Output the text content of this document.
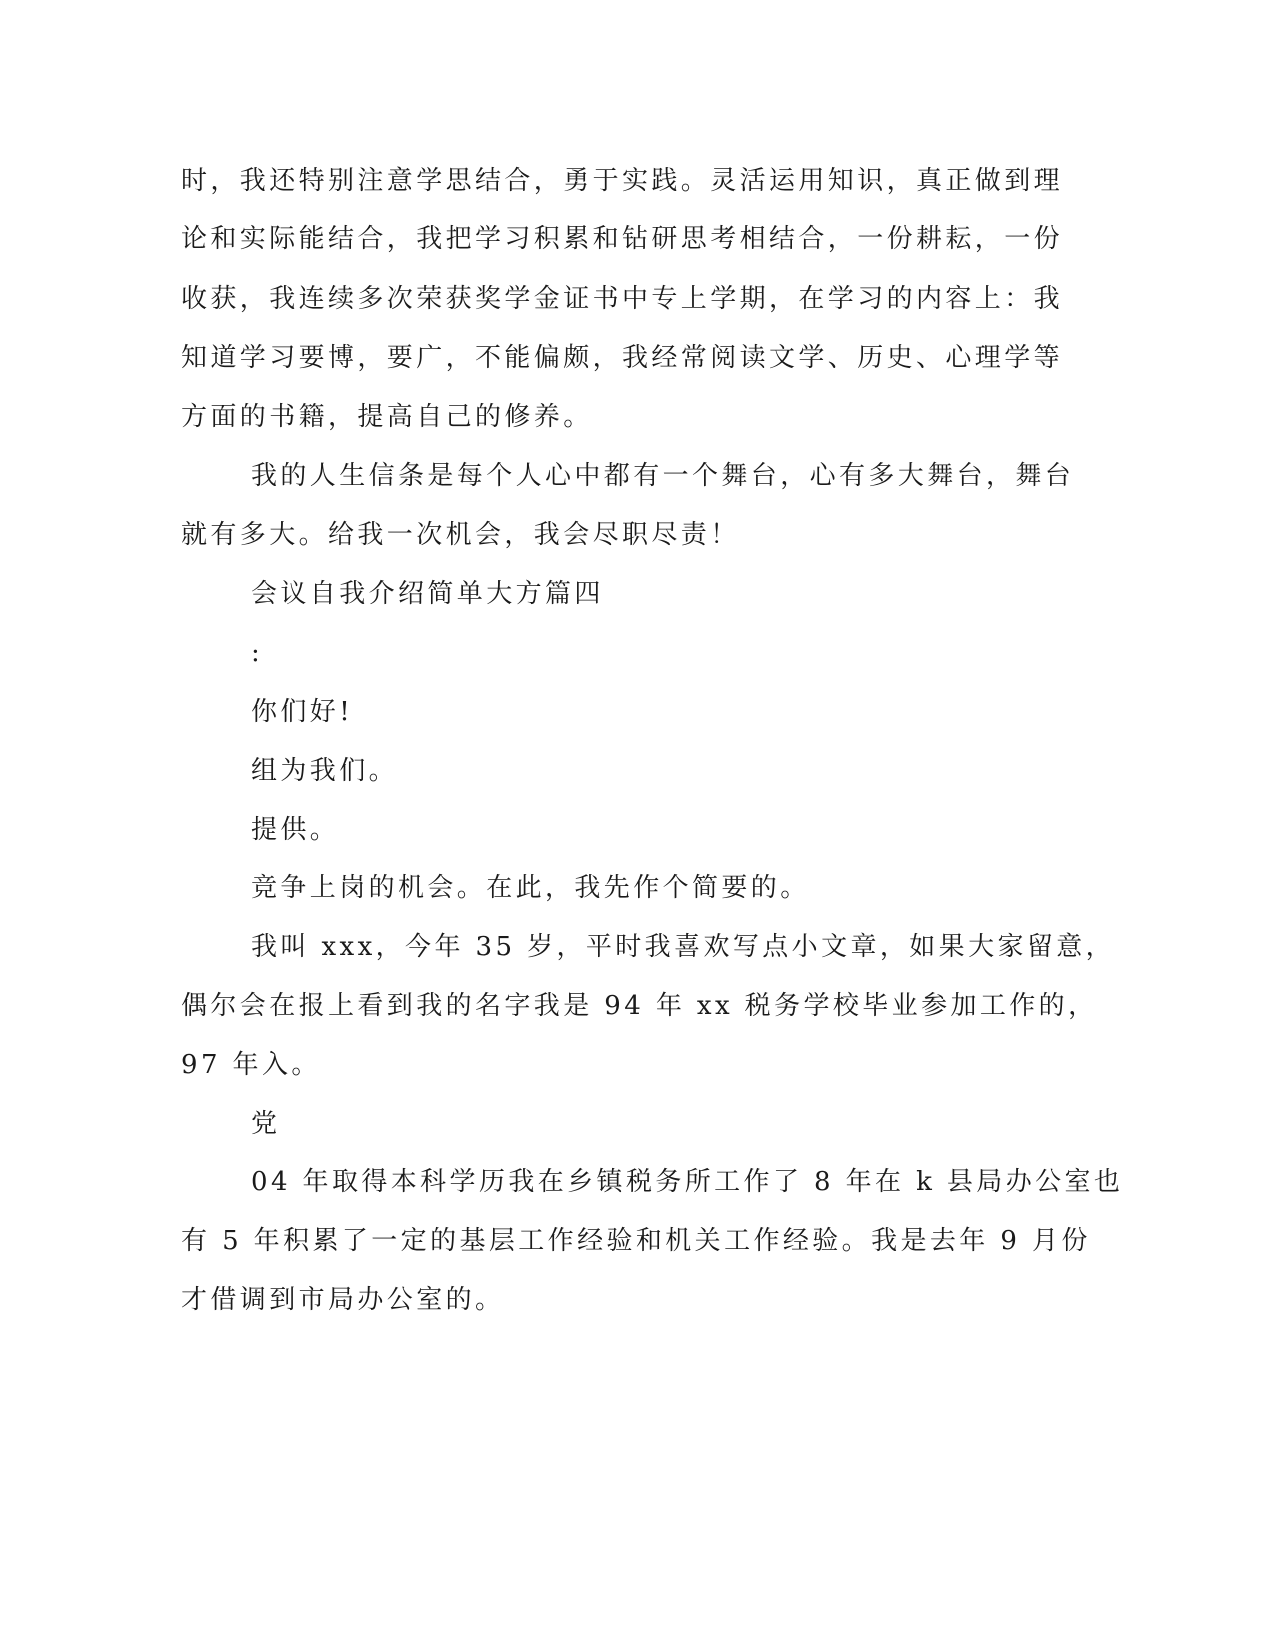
时，我还特别注意学思结合，勇于实践。灵活运用知识，真正做到理
论和实际能结合，我把学习积累和钻研思考相结合，一份耕耘，一份
收获，我连续多次荣获奖学金证书中专上学期，在学习的内容上：我
知道学习要博，要广，不能偏颇，我经常阅读文学、历史、心理学等
方面的书籍，提高自己的修养。
我的人生信条是每个人心中都有一个舞台，心有多大舞台，舞台
就有多大。给我一次机会，我会尽职尽责！
会议自我介绍简单大方篇四
:
你们好!
组为我们。
提供。
竞争上岗的机会。在此，我先作个简要的。
我叫 xxx，今年 35 岁，平时我喜欢写点小文章，如果大家留意，
偶尔会在报上看到我的名字我是 94 年 xx 税务学校毕业参加工作的，
97 年入。
党
04 年取得本科学历我在乡镇税务所工作了 8 年在 k 县局办公室也
有 5 年积累了一定的基层工作经验和机关工作经验。我是去年 9 月份
才借调到市局办公室的。
